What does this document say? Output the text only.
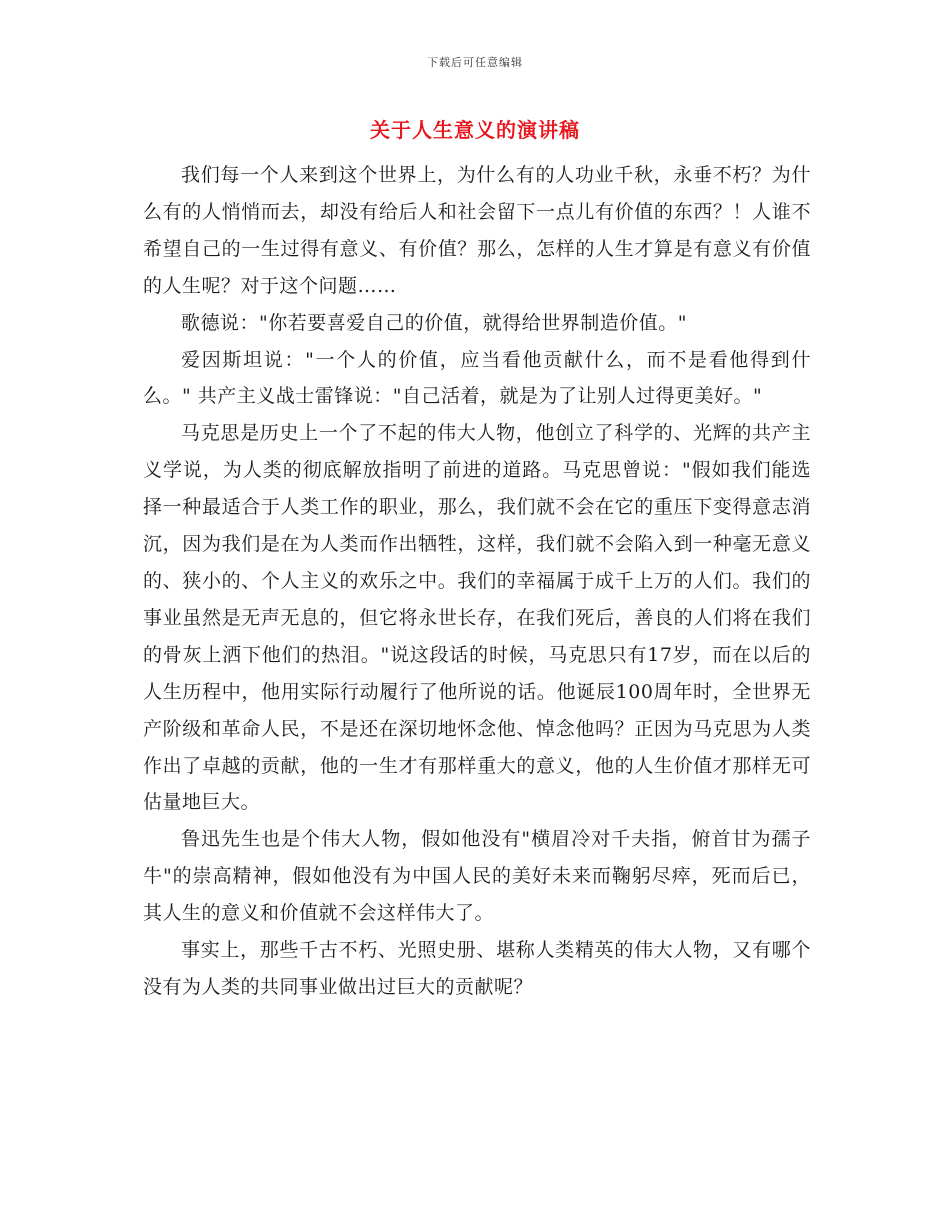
下载后可任意编辑
关于人生意义的演讲稿

我们每一个人来到这个世界上，为什么有的人功业千秋，永垂不朽？为什么有的人悄悄而去，却没有给后人和社会留下一点儿有价值的东西？！人谁不希望自己的一生过得有意义、有价值？那么，怎样的人生才算是有意义有价值的人生呢？对于这个问题……

歌德说："你若要喜爱自己的价值，就得给世界制造价值。"

爱因斯坦说："一个人的价值，应当看他贡献什么，而不是看他得到什么。" 共产主义战士雷锋说："自己活着，就是为了让别人过得更美好。"

马克思是历史上一个了不起的伟大人物，他创立了科学的、光辉的共产主义学说，为人类的彻底解放指明了前进的道路。马克思曾说："假如我们能选择一种最适合于人类工作的职业，那么，我们就不会在它的重压下变得意志消沉，因为我们是在为人类而作出牺牲，这样，我们就不会陷入到一种毫无意义的、狭小的、个人主义的欢乐之中。我们的幸福属于成千上万的人们。我们的事业虽然是无声无息的，但它将永世长存，在我们死后，善良的人们将在我们的骨灰上洒下他们的热泪。"说这段话的时候，马克思只有17岁，而在以后的人生历程中，他用实际行动履行了他所说的话。他诞辰100周年时，全世界无产阶级和革命人民，不是还在深切地怀念他、悼念他吗？正因为马克思为人类作出了卓越的贡献，他的一生才有那样重大的意义，他的人生价值才那样无可估量地巨大。

鲁迅先生也是个伟大人物，假如他没有"横眉冷对千夫指，俯首甘为孺子牛"的崇高精神，假如他没有为中国人民的美好未来而鞠躬尽瘁，死而后已，其人生的意义和价值就不会这样伟大了。

事实上，那些千古不朽、光照史册、堪称人类精英的伟大人物，又有哪个没有为人类的共同事业做出过巨大的贡献呢？
